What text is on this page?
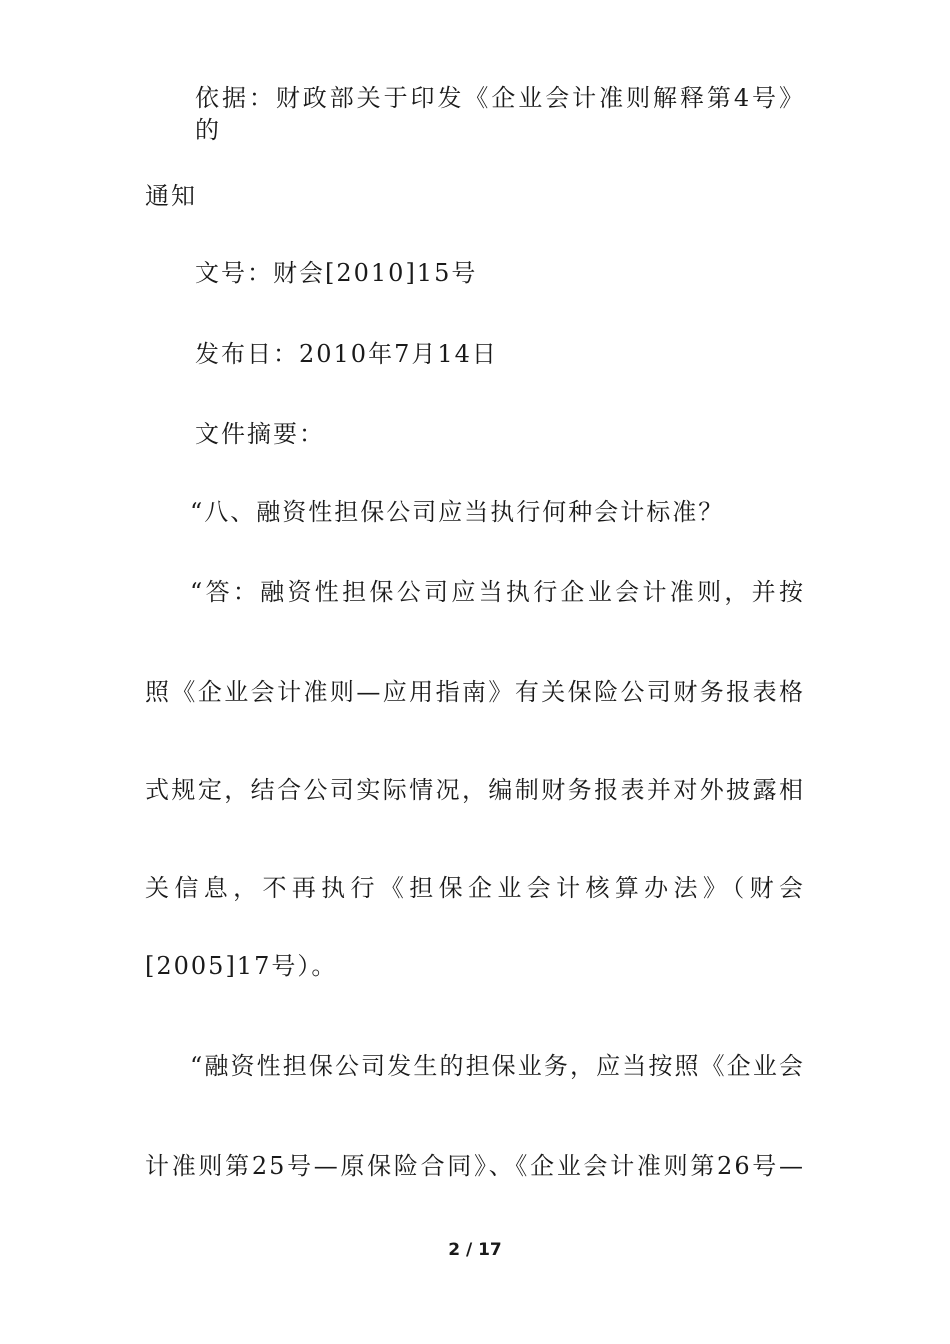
依据：财政部关于印发《企业会计准则解释第4号》的
通知
文号：财会[2010]15号
发布日：2010年7月14日
文件摘要：
“八、融资性担保公司应当执行何种会计标准？
“答：融资性担保公司应当执行企业会计准则，并按
照《企业会计准则—应用指南》有关保险公司财务报表格
式规定，结合公司实际情况，编制财务报表并对外披露相
关信息，不再执行《担保企业会计核算办法》（财会
[2005]17号）。
“融资性担保公司发生的担保业务，应当按照《企业会
计准则第25号—原保险合同》、《企业会计准则第26号—
2 / 17
